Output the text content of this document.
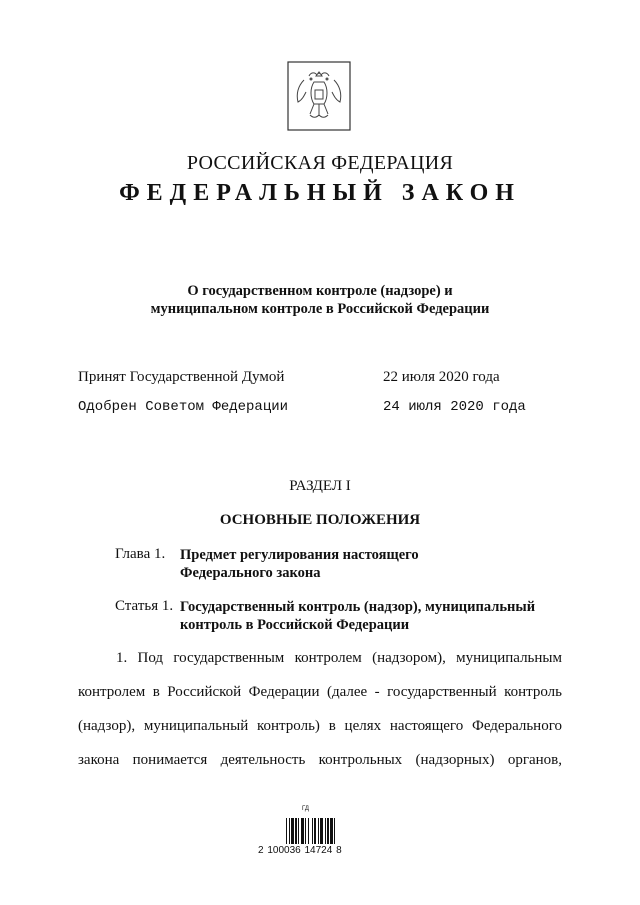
РОССИЙСКАЯ ФЕДЕРАЦИЯ
ФЕДЕРАЛЬНЫЙ ЗАКОН
О государственном контроле (надзоре) и
муниципальном контроле в Российской Федерации
Принят Государственной Думой	22 июля 2020 года
Одобрен Советом Федерации	24 июля 2020 года
РАЗДЕЛ I
ОСНОВНЫЕ ПОЛОЖЕНИЯ
Глава 1. Предмет регулирования настоящего
Федерального закона
Статья 1. Государственный контроль (надзор), муниципальный
контроль в Российской Федерации
1. Под государственным контролем (надзором), муниципальным
контролем в Российской Федерации (далее - государственный контроль
(надзор), муниципальный контроль) в целях настоящего Федерального
закона понимается деятельность контрольных (надзорных) органов,
ГД
2 100036 14724 8
